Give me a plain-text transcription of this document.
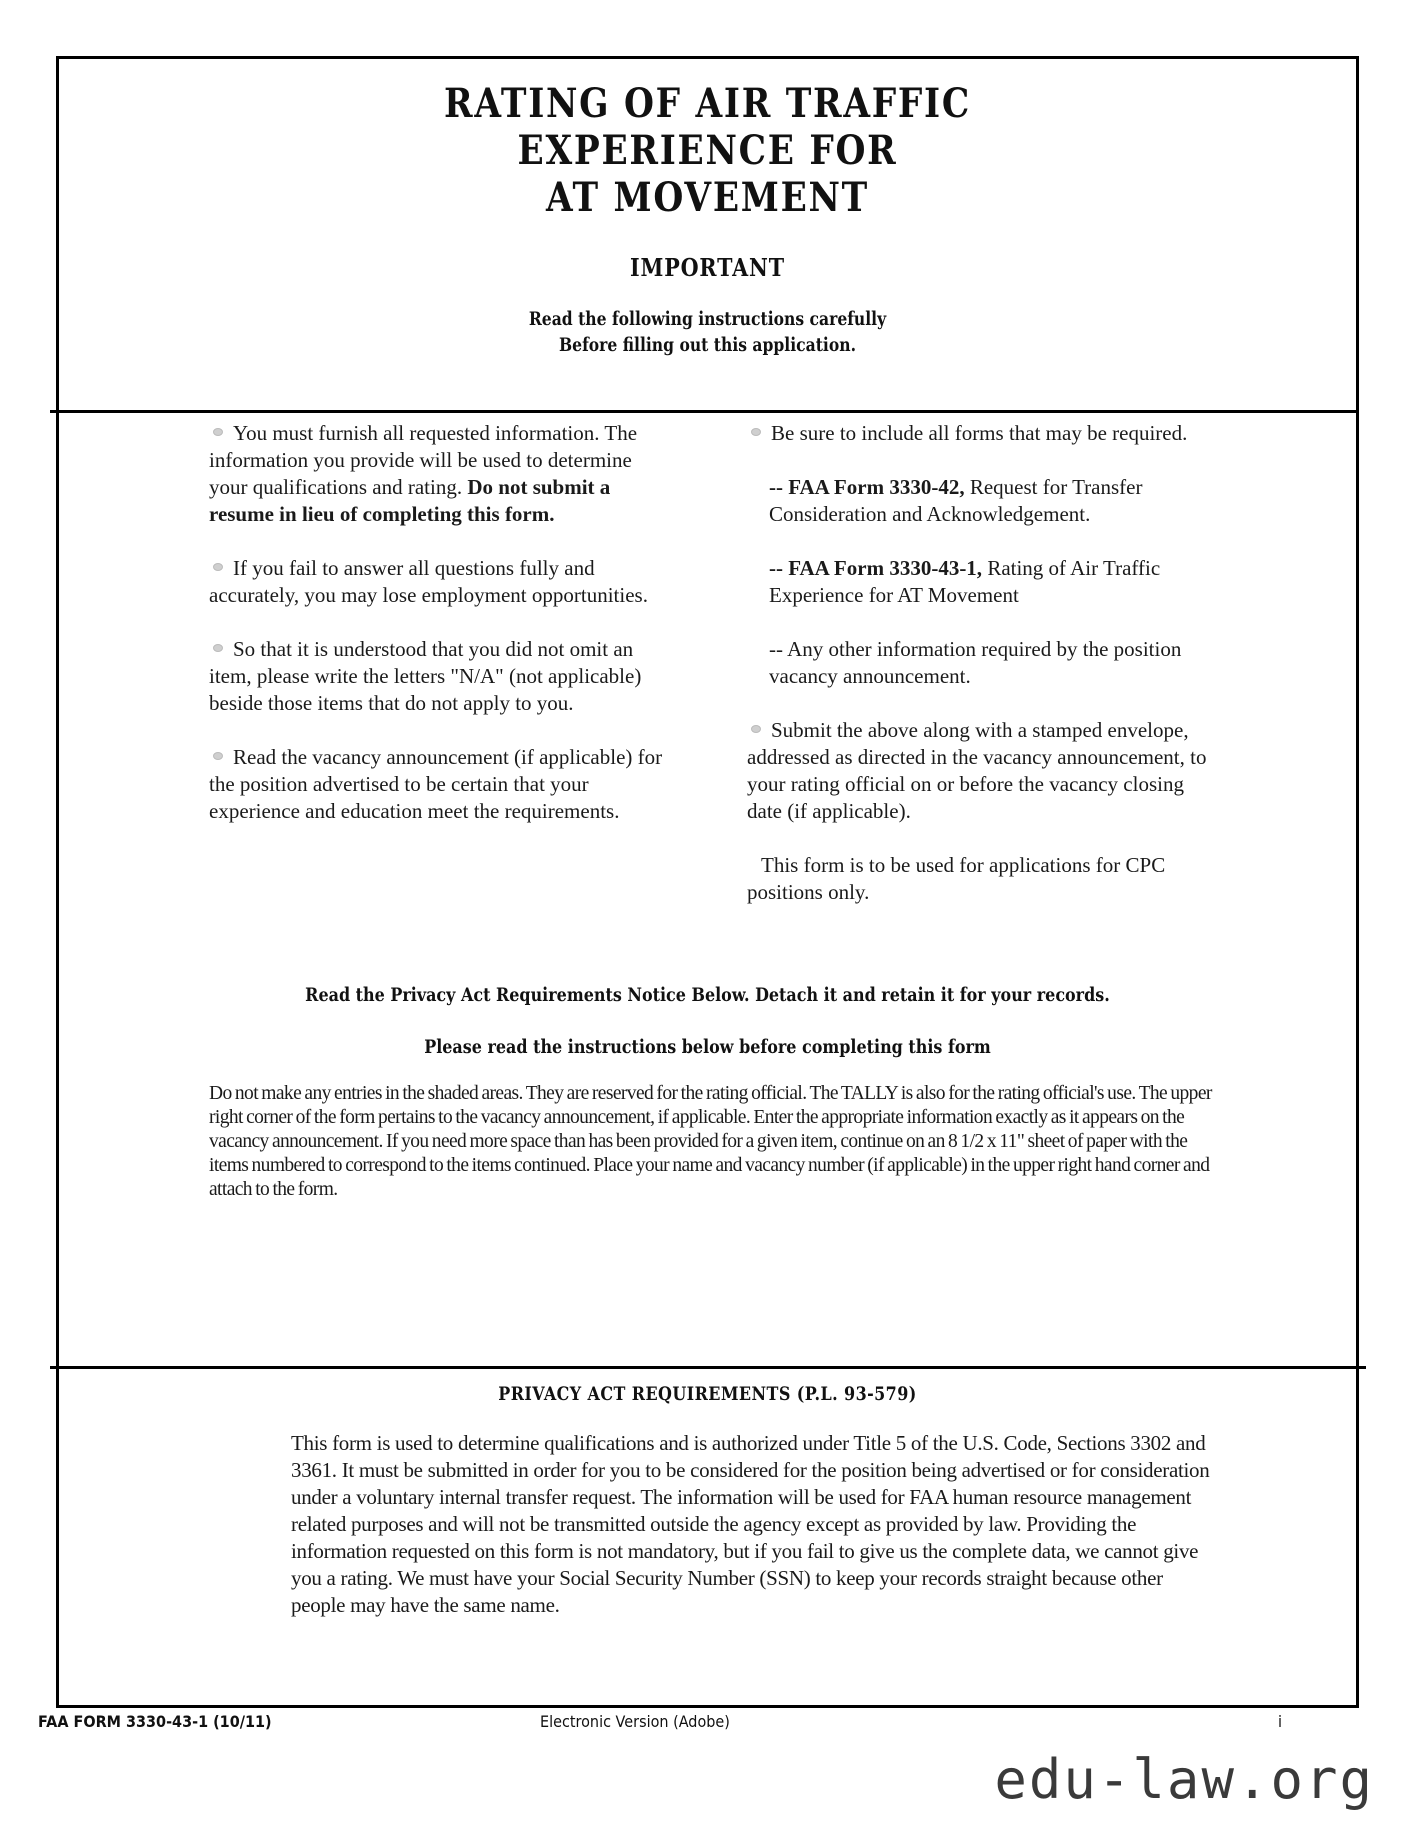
RATING OF AIR TRAFFIC
EXPERIENCE FOR
AT MOVEMENT
IMPORTANT
Read the following instructions carefully
Before filling out this application.
You must furnish all requested information. The information you provide will be used to determine your qualifications and rating. Do not submit a resume in lieu of completing this form.
If you fail to answer all questions fully and accurately, you may lose employment opportunities.
So that it is understood that you did not omit an item, please write the letters "N/A" (not applicable) beside those items that do not apply to you.
Read the vacancy announcement (if applicable) for the position advertised to be certain that your experience and education meet the requirements.
Be sure to include all forms that may be required.
-- FAA Form 3330-42, Request for Transfer Consideration and Acknowledgement.
-- FAA Form 3330-43-1, Rating of Air Traffic Experience for AT Movement
-- Any other information required by the position vacancy announcement.
Submit the above along with a stamped envelope, addressed as directed in the vacancy announcement, to your rating official on or before the vacancy closing date (if applicable).
This form is to be used for applications for CPC positions only.
Read the Privacy Act Requirements Notice Below. Detach it and retain it for your records.
Please read the instructions below before completing this form
Do not make any entries in the shaded areas. They are reserved for the rating official. The TALLY is also for the rating official's use. The upper right corner of the form pertains to the vacancy announcement, if applicable. Enter the appropriate information exactly as it appears on the vacancy announcement. If you need more space than has been provided for a given item, continue on an 8 1/2 x 11" sheet of paper with the items numbered to correspond to the items continued. Place your name and vacancy number (if applicable) in the upper right hand corner and attach to the form.
PRIVACY ACT REQUIREMENTS (P.L. 93-579)
This form is used to determine qualifications and is authorized under Title 5 of the U.S. Code, Sections 3302 and 3361. It must be submitted in order for you to be considered for the position being advertised or for consideration under a voluntary internal transfer request. The information will be used for FAA human resource management related purposes and will not be transmitted outside the agency except as provided by law. Providing the information requested on this form is not mandatory, but if you fail to give us the complete data, we cannot give you a rating. We must have your Social Security Number (SSN) to keep your records straight because other people may have the same name.
FAA FORM 3330-43-1 (10/11)	Electronic Version (Adobe)	i
edu-law.org
